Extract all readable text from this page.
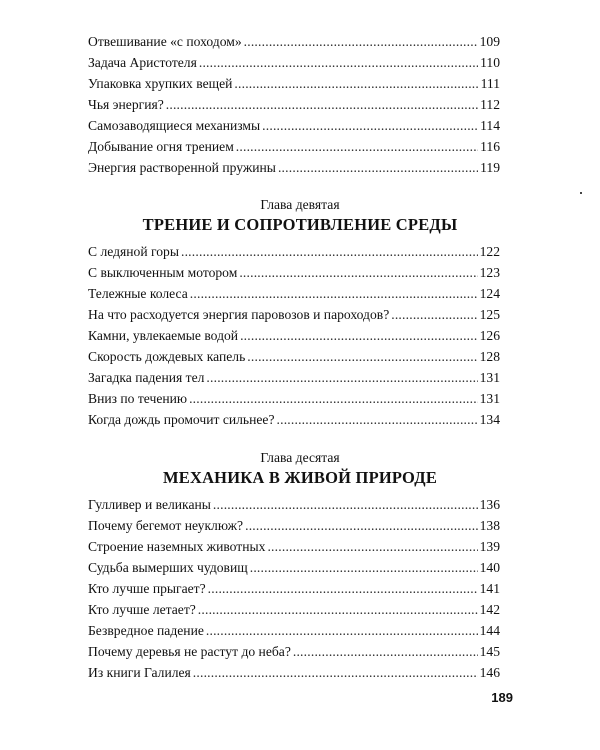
Отвешивание «с походом» . . .	109
Задача Аристотеля . . .	110
Упаковка хрупких вещей . . .	111
Чья энергия? . . .	112
Самозаводящиеся механизмы . . .	114
Добывание огня трением . . .	116
Энергия растворенной пружины . . .	119
Глава девятая
ТРЕНИЕ И СОПРОТИВЛЕНИЕ СРЕДЫ
С ледяной горы . . .	122
С выключенным мотором . . .	123
Тележные колеса . . .	124
На что расходуется энергия паровозов и пароходов? . . .	125
Камни, увлекаемые водой . . .	126
Скорость дождевых капель . . .	128
Загадка падения тел . . .	131
Вниз по течению . . .	131
Когда дождь промочит сильнее? . . .	134
Глава десятая
МЕХАНИКА В ЖИВОЙ ПРИРОДЕ
Гулливер и великаны . . .	136
Почему бегемот неуклюж? . . .	138
Строение наземных животных . . .	139
Судьба вымерших чудовищ . . .	140
Кто лучше прыгает? . . .	141
Кто лучше летает? . . .	142
Безвредное падение . . .	144
Почему деревья не растут до неба? . . .	145
Из книги Галилея . . .	146
189
